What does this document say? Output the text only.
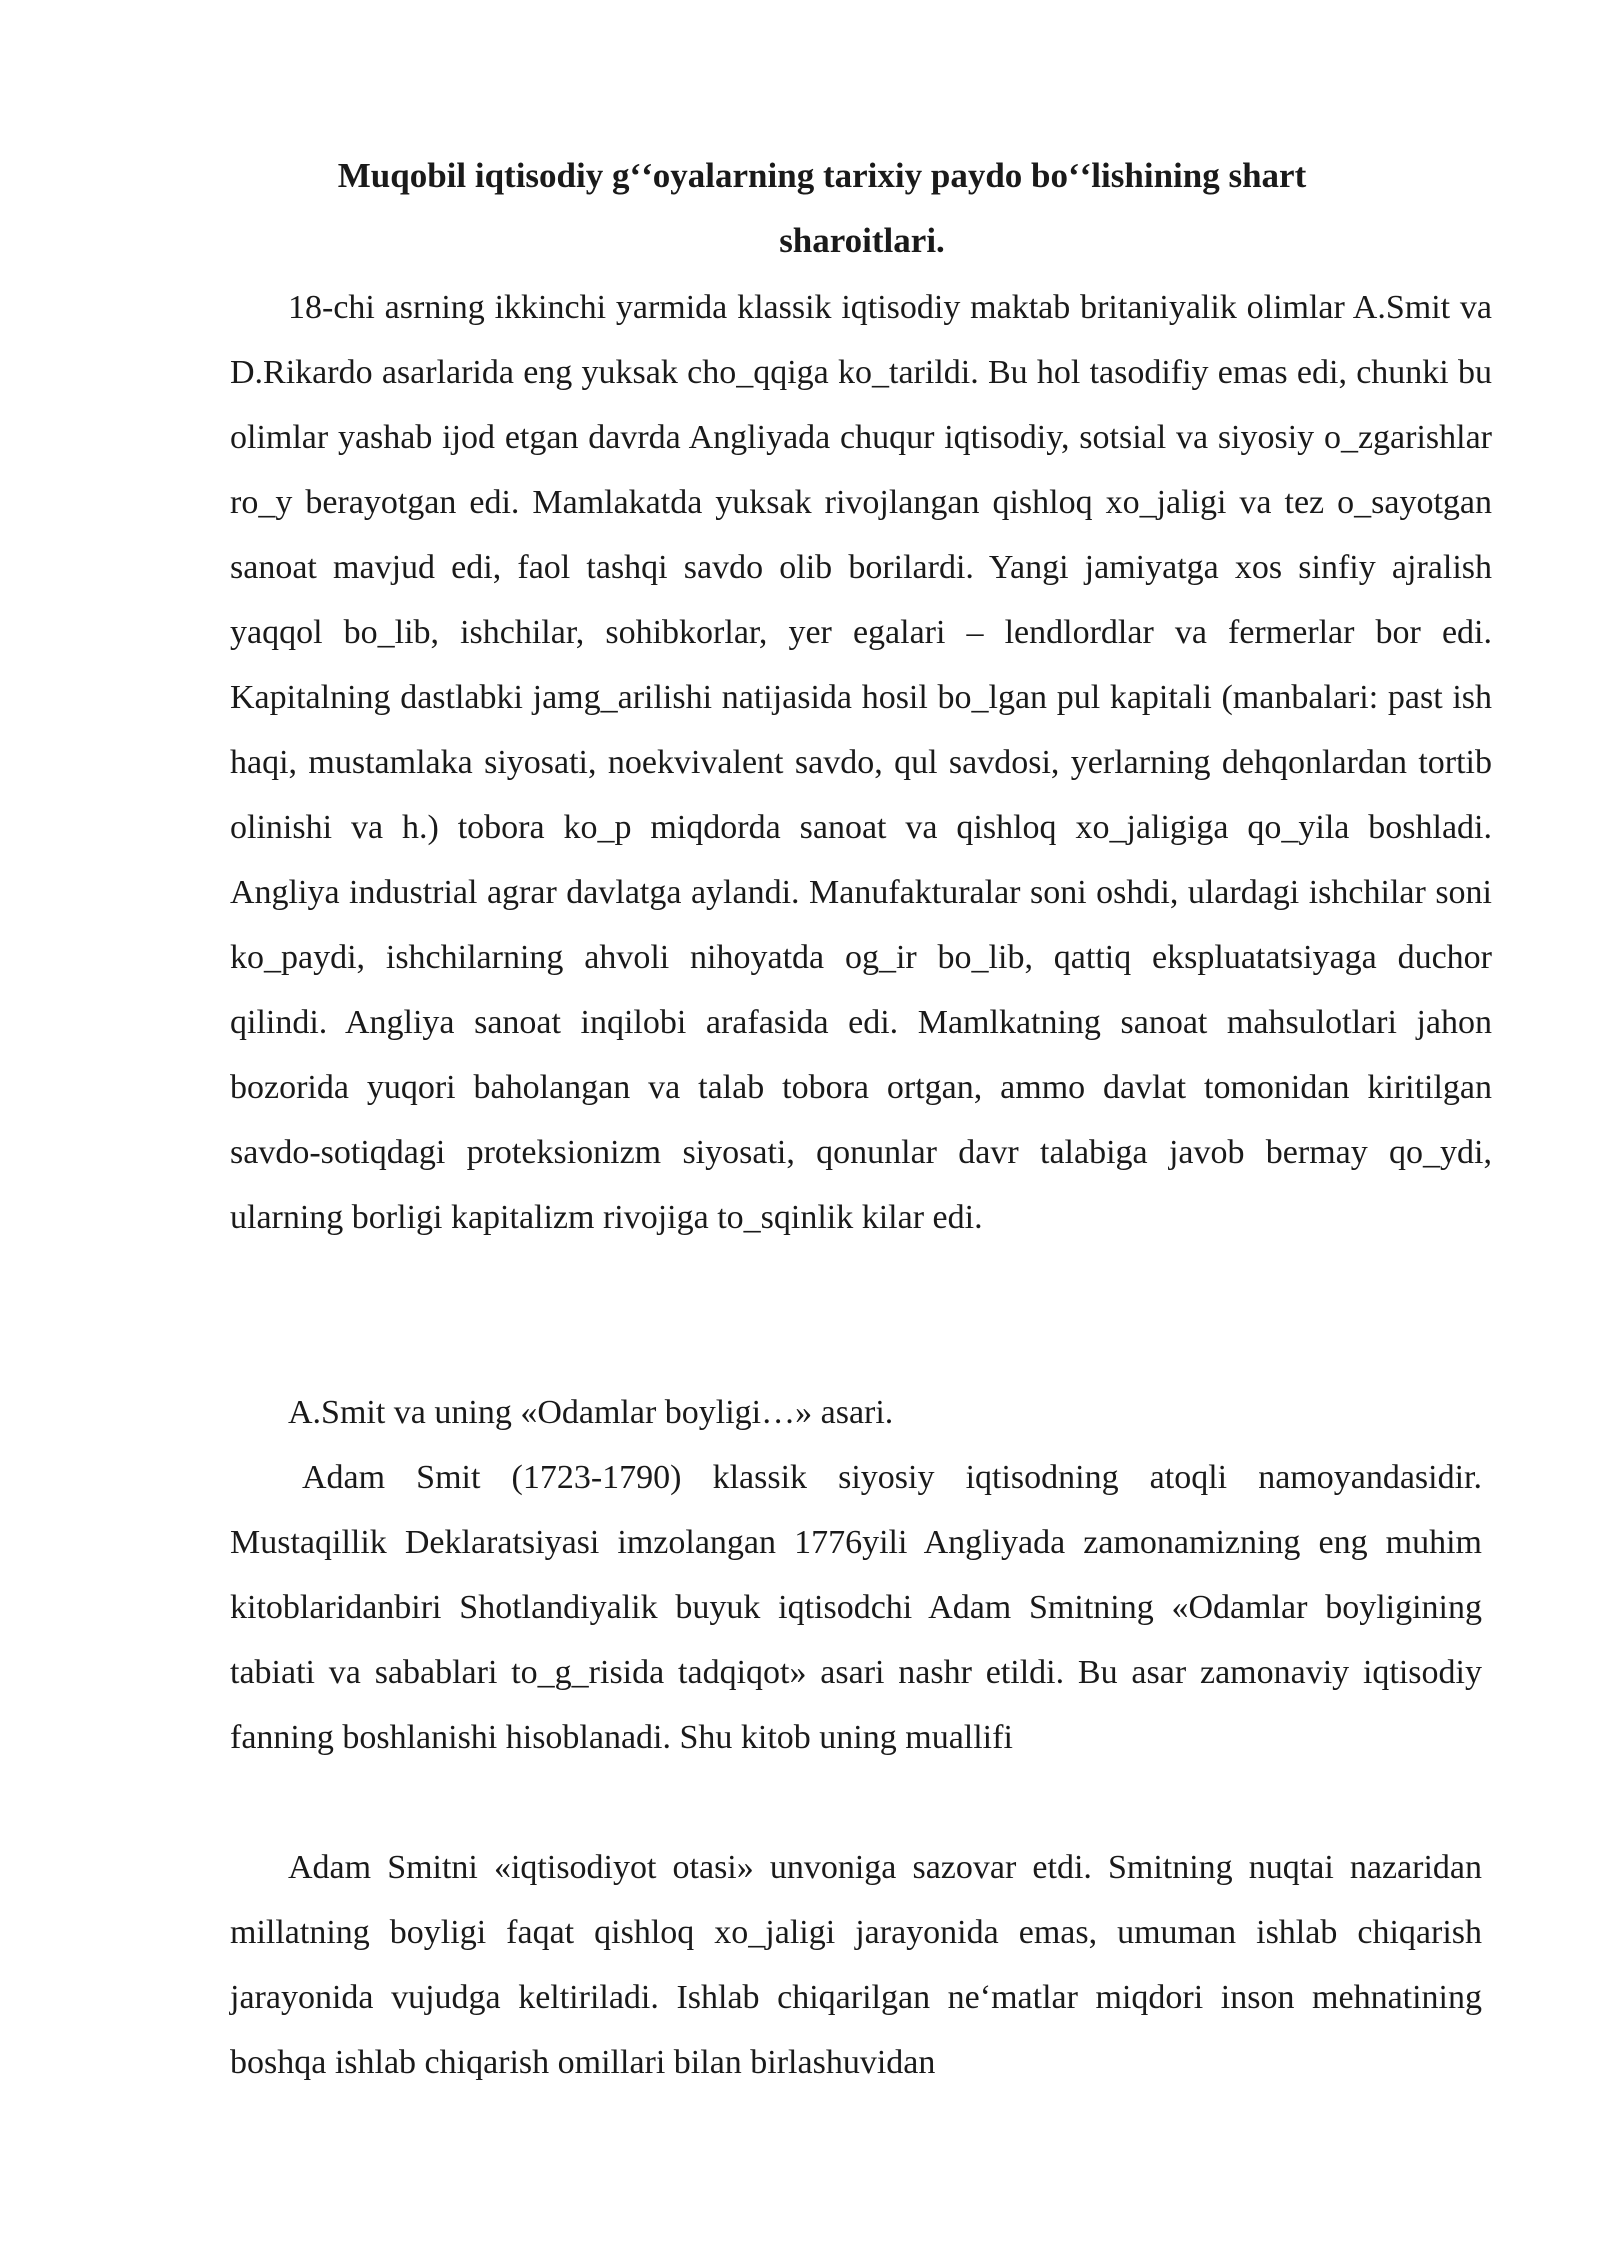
Muqobil iqtisodiy gʻʻoyalarning tarixiy paydo boʻʻlishining shart
sharoitlari.

18-chi asrning ikkinchi yarmida klassik iqtisodiy maktab britaniyalik olimlar A.Smit va D.Rikardo asarlarida eng yuksak cho_qqiga ko_tarildi. Bu hol tasodifiy emas edi, chunki bu olimlar yashab ijod etgan davrda Angliyada chuqur iqtisodiy, sotsial va siyosiy o_zgarishlar ro_y berayotgan edi. Mamlakatda yuksak rivojlangan qishloq xo_jaligi va tez o_sayotgan sanoat mavjud edi, faol tashqi savdo olib borilardi. Yangi jamiyatga xos sinfiy ajralish yaqqol bo_lib, ishchilar, sohibkorlar, yer egalari – lendlordlar va fermerlar bor edi. Kapitalning dastlabki jamg_arilishi natijasida hosil bo_lgan pul kapitali (manbalari: past ish haqi, mustamlaka siyosati, noekvivalent savdo, qul savdosi, yerlarning dehqonlardan tortib olinishi va h.) tobora ko_p miqdorda sanoat va qishloq xo_jaligiga qo_yila boshladi. Angliya industrial agrar davlatga aylandi. Manufakturalar soni oshdi, ulardagi ishchilar soni ko_paydi, ishchilarning ahvoli nihoyatda og_ir bo_lib, qattiq ekspluatatsiyaga duchor qilindi. Angliya sanoat inqilobi arafasida edi. Mamlkatning sanoat mahsulotlari jahon bozorida yuqori baholangan va talab tobora ortgan, ammo davlat tomonidan kiritilgan savdo-sotiqdagi proteksionizm siyosati, qonunlar davr talabiga javob bermay qo_ydi, ularning borligi kapitalizm rivojiga to_sqinlik kilar edi.

A.Smit va uning «Odamlar boyligi…» asari.

Adam Smit (1723-1790) klassik siyosiy iqtisodning atoqli namoyandasidir. Mustaqillik Deklaratsiyasi imzolangan 1776yili Angliyada zamonamizning eng muhim kitoblaridanbiri Shotlandiyalik buyuk iqtisodchi Adam Smitning «Odamlar boyligining tabiati va sabablari to_g_risida tadqiqot» asari nashr etildi. Bu asar zamonaviy iqtisodiy fanning boshlanishi hisoblanadi. Shu kitob uning muallifi

Adam Smitni «iqtisodiyot otasi» unvoniga sazovar etdi. Smitning nuqtai nazaridan millatning boyligi faqat qishloq xo_jaligi jarayonida emas, umuman ishlab chiqarish jarayonida vujudga keltiriladi. Ishlab chiqarilgan neʻmatlar miqdori inson mehnatining boshqa ishlab chiqarish omillari bilan birlashuvidan
